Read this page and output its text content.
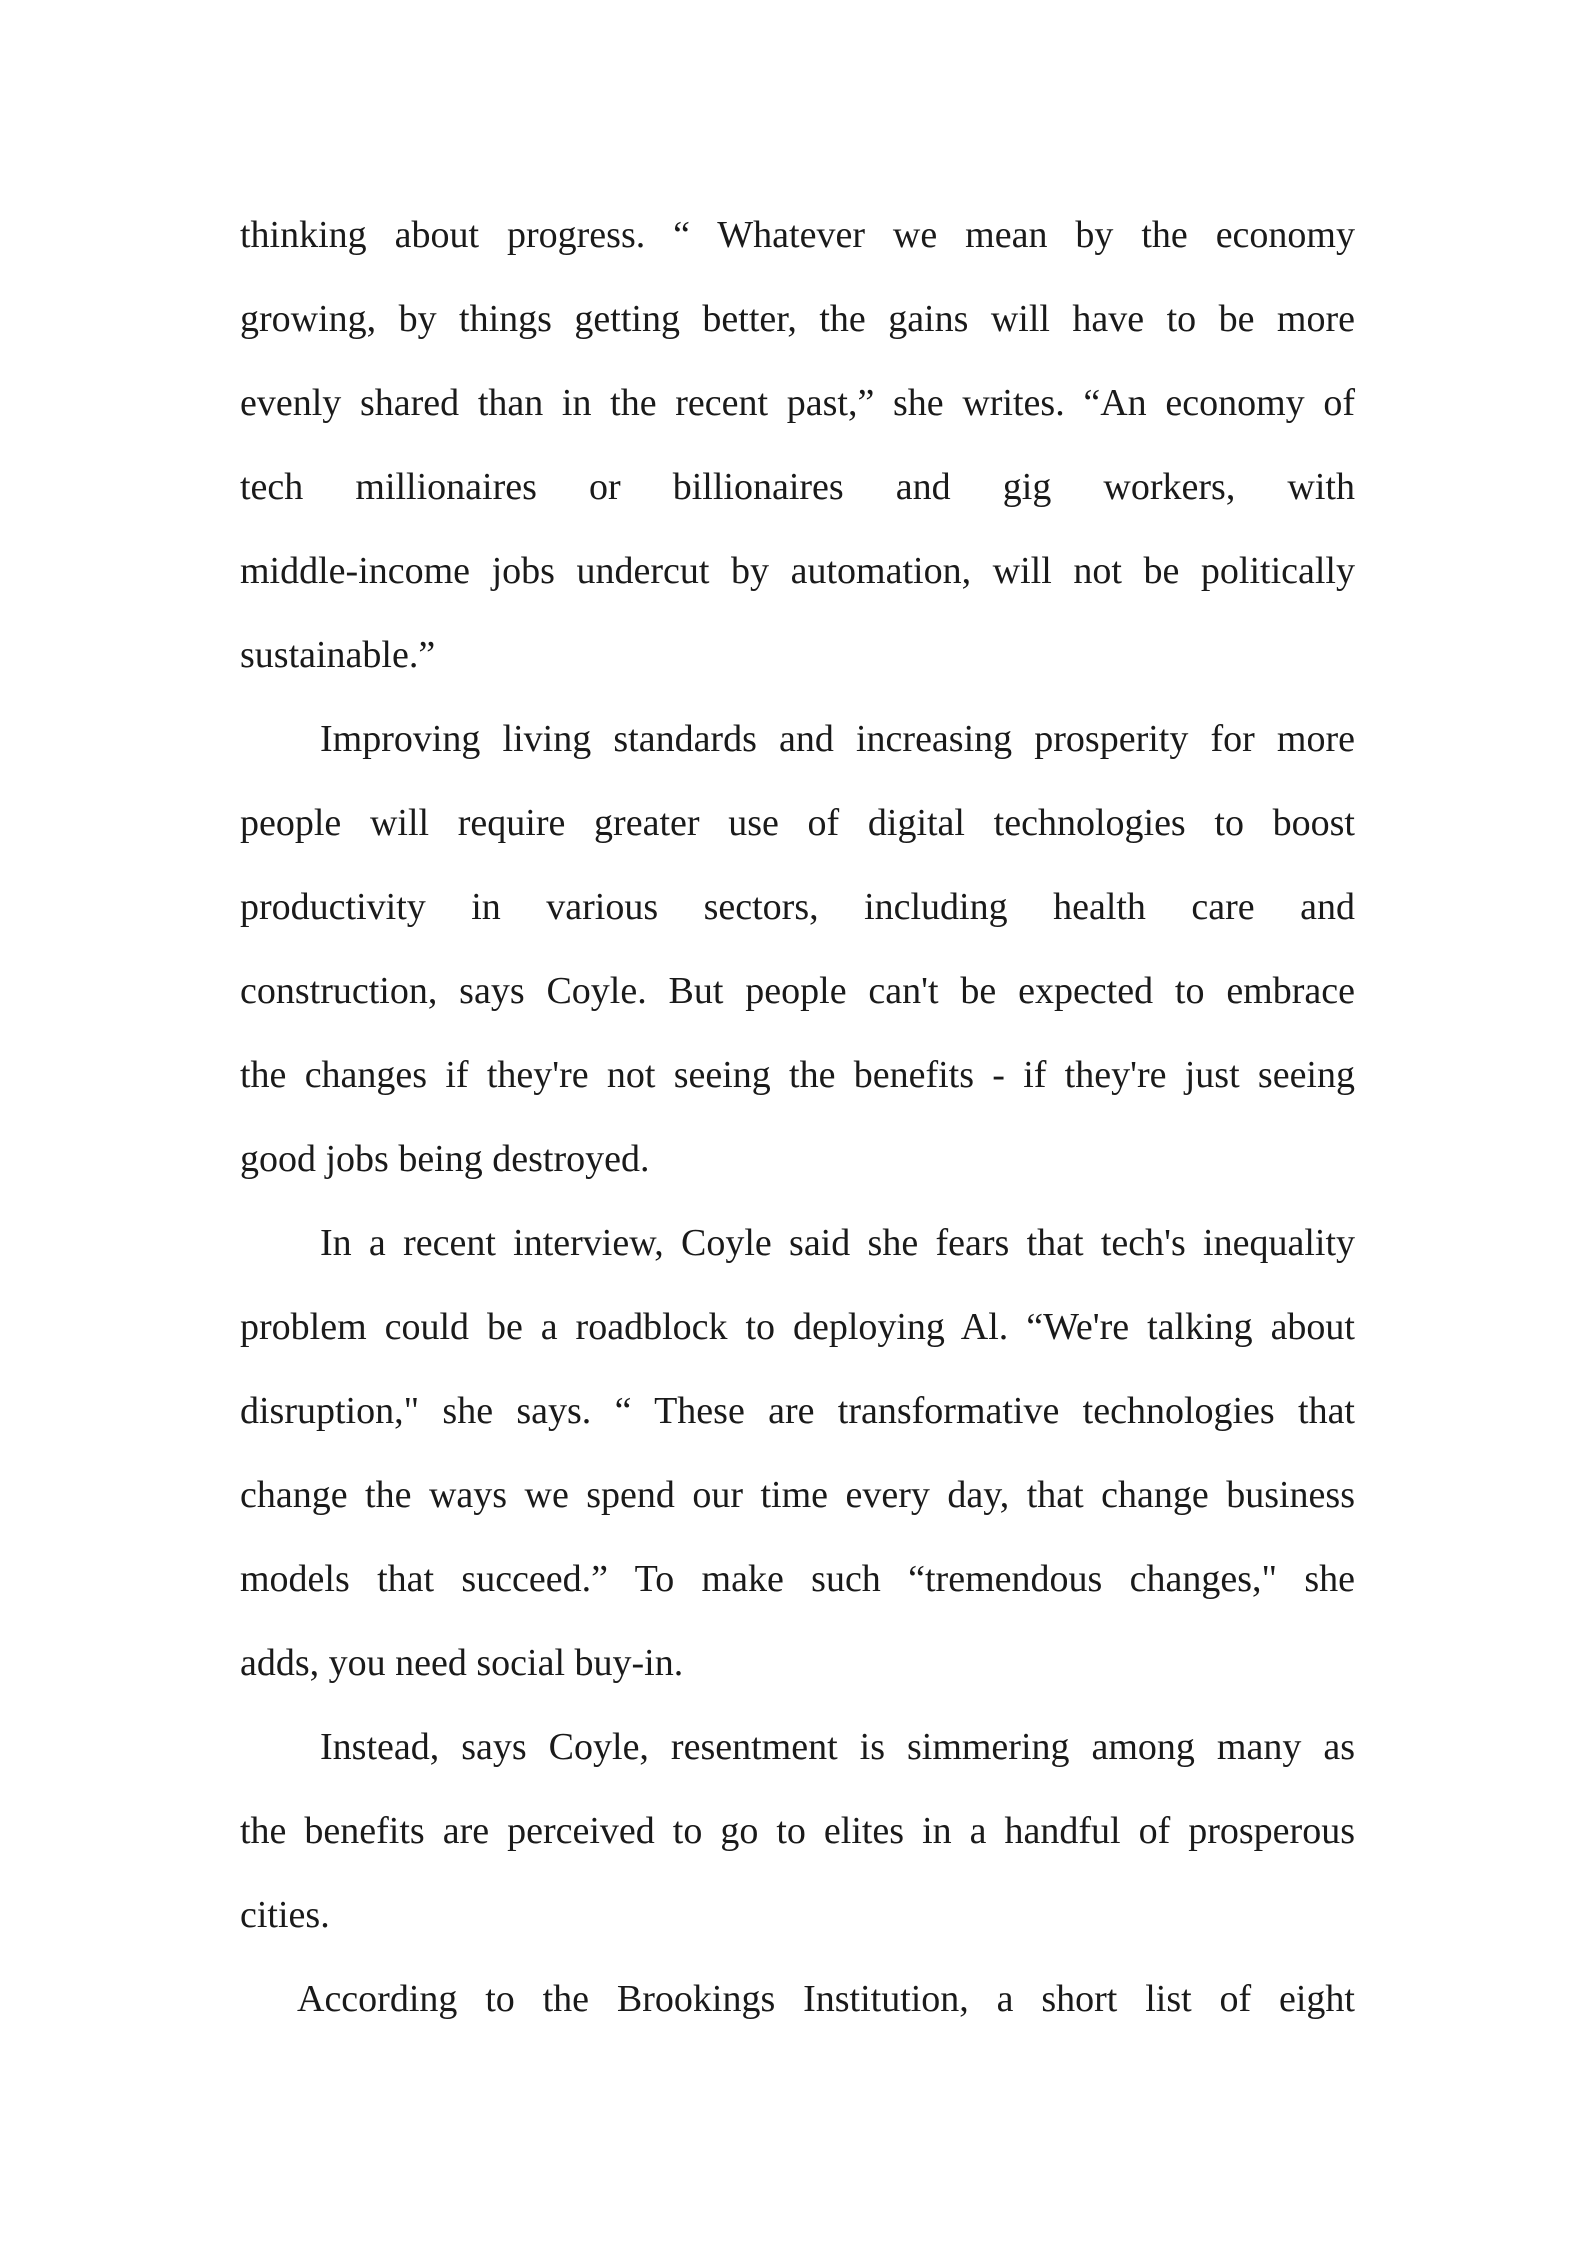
thinking about progress. “ Whatever we mean by the economy
growing, by things getting better, the gains will have to be more
evenly shared than in the recent past,” she writes. “An economy of
tech millionaires or billionaires and gig workers, with
middle-income jobs undercut by automation, will not be politically
sustainable.”
Improving living standards and increasing prosperity for more
people will require greater use of digital technologies to boost
productivity in various sectors, including health care and
construction, says Coyle. But people can't be expected to embrace
the changes if they're not seeing the benefits - if they're just seeing
good jobs being destroyed.
In a recent interview, Coyle said she fears that tech's inequality
problem could be a roadblock to deploying Al. “We're talking about
disruption," she says. “ These are transformative technologies that
change the ways we spend our time every day, that change business
models that succeed.” To make such “tremendous changes," she
adds, you need social buy-in.
Instead, says Coyle, resentment is simmering among many as
the benefits are perceived to go to elites in a handful of prosperous
cities.
According to the Brookings Institution, a short list of eight
